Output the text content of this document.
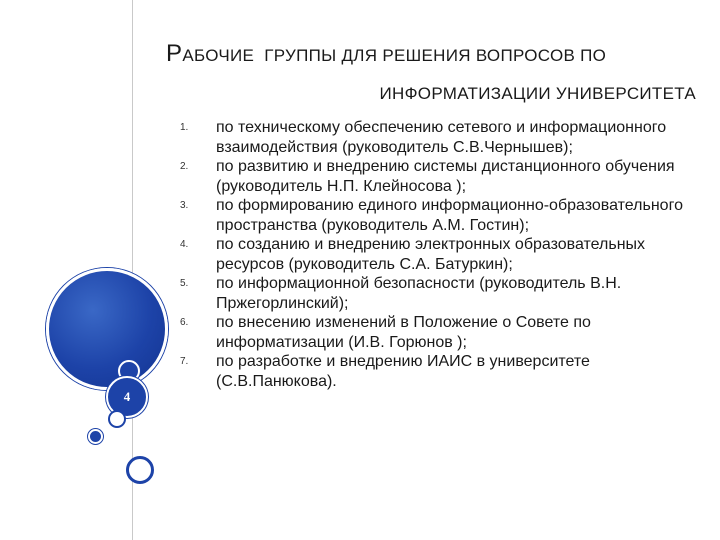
4
РАБОЧИЕ  ГРУППЫ ДЛЯ РЕШЕНИЯ ВОПРОСОВ ПО
ИНФОРМАТИЗАЦИИ УНИВЕРСИТЕТА
1. по техническому обеспечению сетевого и информационного взаимодействия (руководитель С.В.Чернышев);
2. по развитию и внедрению системы дистанционного обучения (руководитель Н.П. Клейносова );
3. по формированию единого информационно-образовательного пространства (руководитель А.М. Гостин);
4. по созданию и внедрению электронных образовательных ресурсов (руководитель С.А. Батуркин);
5. по информационной безопасности (руководитель В.Н. Пржегорлинский);
6. по внесению изменений в Положение о Совете по информатизации (И.В. Горюнов );
7. по разработке и внедрению ИАИС в университете (С.В.Панюкова).
